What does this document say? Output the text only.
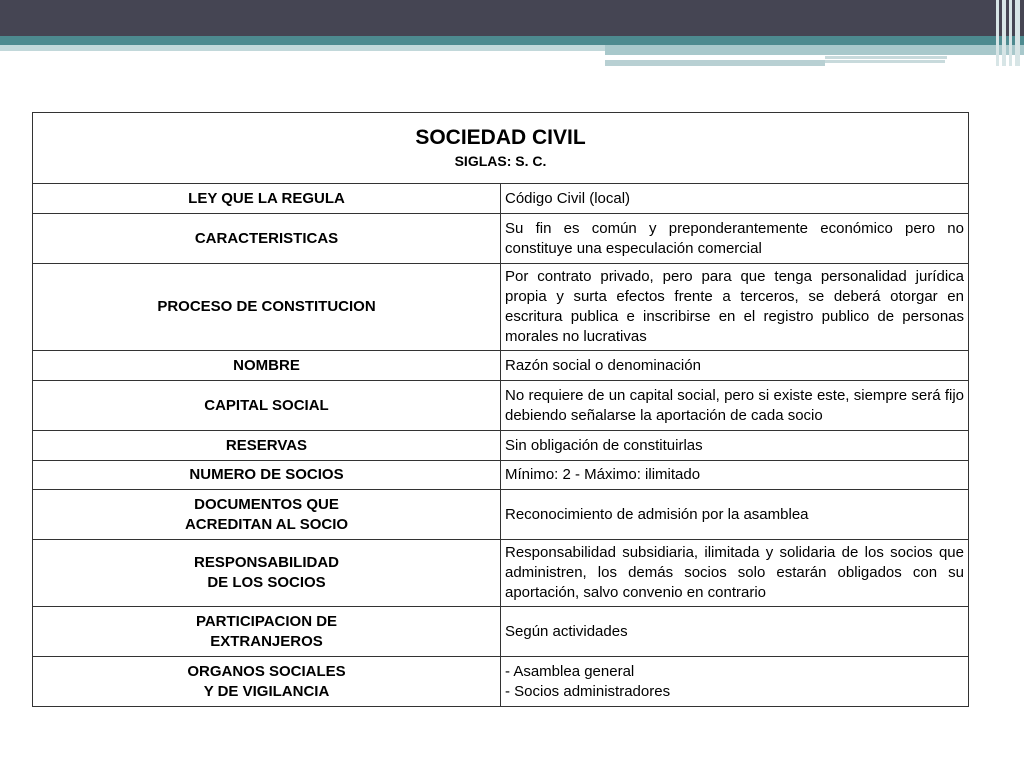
SOCIEDAD CIVIL
SIGLAS: S. C.	

LEY QUE LA REGULA	Código Civil (local)
CARACTERISTICAS	Su fin es común y preponderantemente económico pero no constituye una especulación comercial
PROCESO DE CONSTITUCION	Por contrato privado, pero para que tenga personalidad jurídica propia y surta efectos frente a terceros, se deberá otorgar en escritura publica e inscribirse en el registro publico de personas morales no lucrativas
NOMBRE	Razón social o denominación
CAPITAL SOCIAL	No requiere de un capital social, pero si existe este, siempre será fijo debiendo señalarse la aportación de cada socio
RESERVAS	Sin obligación de constituirlas
NUMERO DE SOCIOS	Mínimo: 2 - Máximo: ilimitado

DOCUMENTOS QUE
ACREDITAN AL SOCIO	Reconocimiento de admisión por la asamblea

RESPONSABILIDAD
DE LOS SOCIOS	Responsabilidad subsidiaria, ilimitada y solidaria de los socios que administren, los demás socios solo estarán obligados con su aportación, salvo convenio en contrario

PARTICIPACION DE
EXTRANJEROS	Según actividades

ORGANOS SOCIALES
Y DE VIGILANCIA	- Asamblea general
- Socios administradores
